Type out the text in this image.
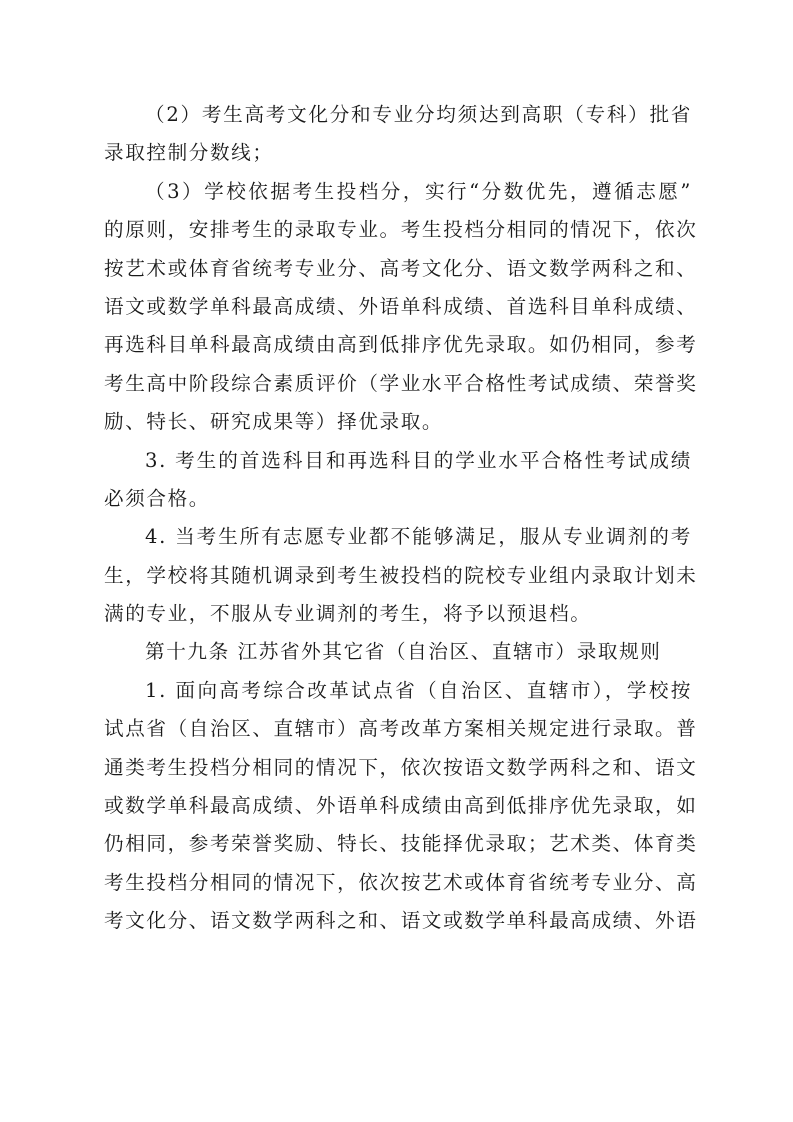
（2）考生高考文化分和专业分均须达到高职（专科）批省
录取控制分数线；
（3）学校依据考生投档分，实行“分数优先，遵循志愿”
的原则，安排考生的录取专业。考生投档分相同的情况下，依次
按艺术或体育省统考专业分、高考文化分、语文数学两科之和、
语文或数学单科最高成绩、外语单科成绩、首选科目单科成绩、
再选科目单科最高成绩由高到低排序优先录取。如仍相同，参考
考生高中阶段综合素质评价（学业水平合格性考试成绩、荣誉奖
励、特长、研究成果等）择优录取。
3. 考生的首选科目和再选科目的学业水平合格性考试成绩
必须合格。
4. 当考生所有志愿专业都不能够满足，服从专业调剂的考
生，学校将其随机调录到考生被投档的院校专业组内录取计划未
满的专业，不服从专业调剂的考生，将予以预退档。
第十九条 江苏省外其它省（自治区、直辖市）录取规则
1. 面向高考综合改革试点省（自治区、直辖市），学校按
试点省（自治区、直辖市）高考改革方案相关规定进行录取。普
通类考生投档分相同的情况下，依次按语文数学两科之和、语文
或数学单科最高成绩、外语单科成绩由高到低排序优先录取，如
仍相同，参考荣誉奖励、特长、技能择优录取；艺术类、体育类
考生投档分相同的情况下，依次按艺术或体育省统考专业分、高
考文化分、语文数学两科之和、语文或数学单科最高成绩、外语
